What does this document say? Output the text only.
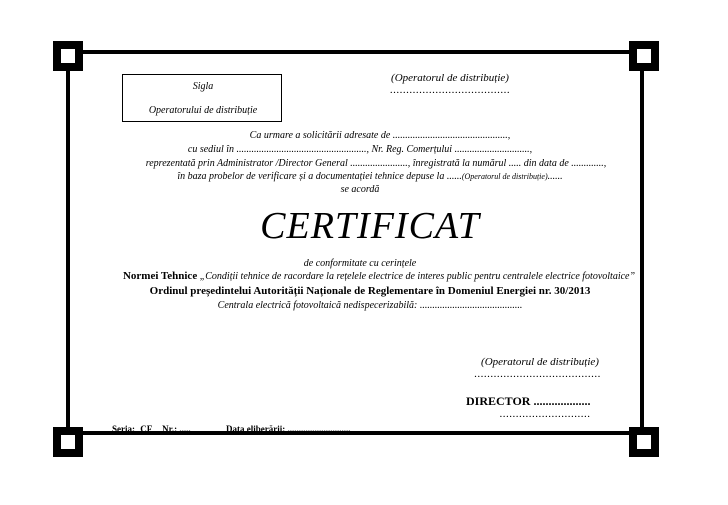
Sigla
Operatorului de distribuție
(Operatorul de distribuție)
.....................................
Ca urmare a solicitării adresate de ..............................................,
cu sediul în ...................................................., Nr. Reg. Comerțului ..............................,
reprezentată prin Administrator /Director General ......................., înregistrată la numărul ..... din data de .............,
în baza probelor de verificare și a documentației tehnice depuse la ......(Operatorul de distribuție)......
se acordă
CERTIFICAT
de conformitate cu cerințele
Normei Tehnice „Condiții tehnice de racordare la rețelele electrice de interes public pentru centralele electrice fotovoltaice”
Ordinul președintelui Autorității Naționale de Reglementare în Domeniul Energiei nr. 30/2013
Centrala electrică fotovoltaică nedispecerizabilă: .........................................
(Operatorul de distribuție)
.......................................
DIRECTOR ...................
............................
Seria: CF Nr.: .....	Data eliberării: ............................
